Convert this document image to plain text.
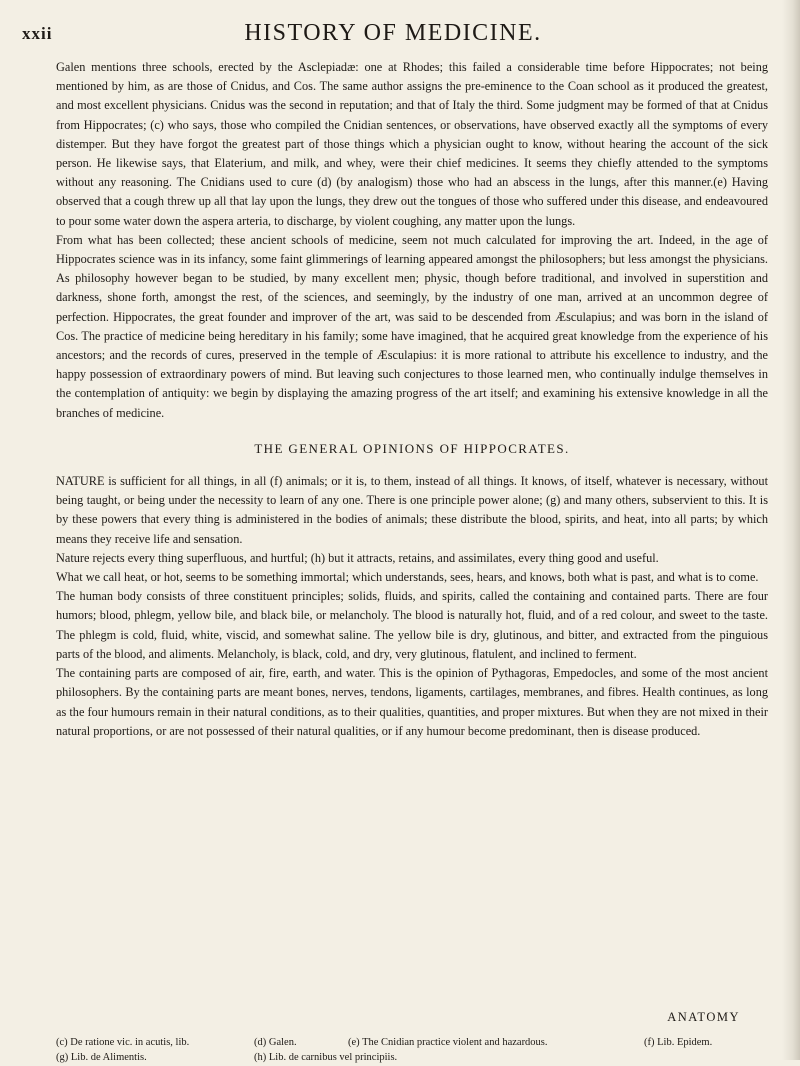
xxii	HISTORY OF MEDICINE.

Galen mentions three schools, erected by the Asclepiadæ: one at Rhodes; this failed a considerable time before Hippocrates; not being mentioned by him, as are those of Cnidus, and Cos. The same author assigns the pre-eminence to the Coan school as it produced the greatest, and most excellent physicians. Cnidus was the second in reputation; and that of Italy the third. Some judgment may be formed of that at Cnidus from Hippocrates; (c) who says, those who compiled the Cnidian sentences, or observations, have observed exactly all the symptoms of every distemper. But they have forgot the greatest part of those things which a physician ought to know, without hearing the account of the sick person. He likewise says, that Elaterium, and milk, and whey, were their chief medicines. It seems they chiefly attended to the symptoms without any reasoning. The Cnidians used to cure (d) (by analogism) those who had an abscess in the lungs, after this manner.(e) Having observed that a cough threw up all that lay upon the lungs, they drew out the tongues of those who suffered under this disease, and endeavoured to pour some water down the aspera arteria, to discharge, by violent coughing, any matter upon the lungs.

From what has been collected; these ancient schools of medicine, seem not much calculated for improving the art. Indeed, in the age of Hippocrates science was in its infancy, some faint glimmerings of learning appeared amongst the philosophers; but less amongst the physicians. As philosophy however began to be studied, by many excellent men; physic, though before traditional, and involved in superstition and darkness, shone forth, amongst the rest, of the sciences, and seemingly, by the industry of one man, arrived at an uncommon degree of perfection. Hippocrates, the great founder and improver of the art, was said to be descended from Æsculapius; and was born in the island of Cos. The practice of medicine being hereditary in his family; some have imagined, that he acquired great knowledge from the experience of his ancestors; and the records of cures, preserved in the temple of Æsculapius: it is more rational to attribute his excellence to industry, and the happy possession of extraordinary powers of mind. But leaving such conjectures to those learned men, who continually indulge themselves in the contemplation of antiquity: we begin by displaying the amazing progress of the art itself; and examining his extensive knowledge in all the branches of medicine.

THE GENERAL OPINIONS OF HIPPOCRATES.

NATURE is sufficient for all things, in all (f) animals; or it is, to them, instead of all things. It knows, of itself, whatever is necessary, without being taught, or being under the necessity to learn of any one. There is one principle power alone; (g) and many others, subservient to this. It is by these powers that every thing is administered in the bodies of animals; these distribute the blood, spirits, and heat, into all parts; by which means they receive life and sensation.

Nature rejects every thing superfluous, and hurtful; (h) but it attracts, retains, and assimilates, every thing good and useful.

What we call heat, or hot, seems to be something immortal; which understands, sees, hears, and knows, both what is past, and what is to come.

The human body consists of three constituent principles; solids, fluids, and spirits, called the containing and contained parts. There are four humors; blood, phlegm, yellow bile, and black bile, or melancholy. The blood is naturally hot, fluid, and of a red colour, and sweet to the taste. The phlegm is cold, fluid, white, viscid, and somewhat saline. The yellow bile is dry, glutinous, and bitter, and extracted from the pinguious parts of the blood, and aliments. Melancholy, is black, cold, and dry, very glutinous, flatulent, and inclined to ferment.

The containing parts are composed of air, fire, earth, and water. This is the opinion of Pythagoras, Empedocles, and some of the most ancient philosophers. By the containing parts are meant bones, nerves, tendons, ligaments, cartilages, membranes, and fibres. Health continues, as long as the four humours remain in their natural conditions, as to their qualities, quantities, and proper mixtures. But when they are not mixed in their natural proportions, or are not possessed of their natural qualities, or if any humour become predominant, then is disease produced.

ANATOMY
(c) De ratione vic. in acutis, lib.	(d) Galen.	(e) The Cnidian practice violent and hazardous.	(f) Lib. Epidem.
(g) Lib. de Alimentis.	(h) Lib. de carnibus vel principiis.
